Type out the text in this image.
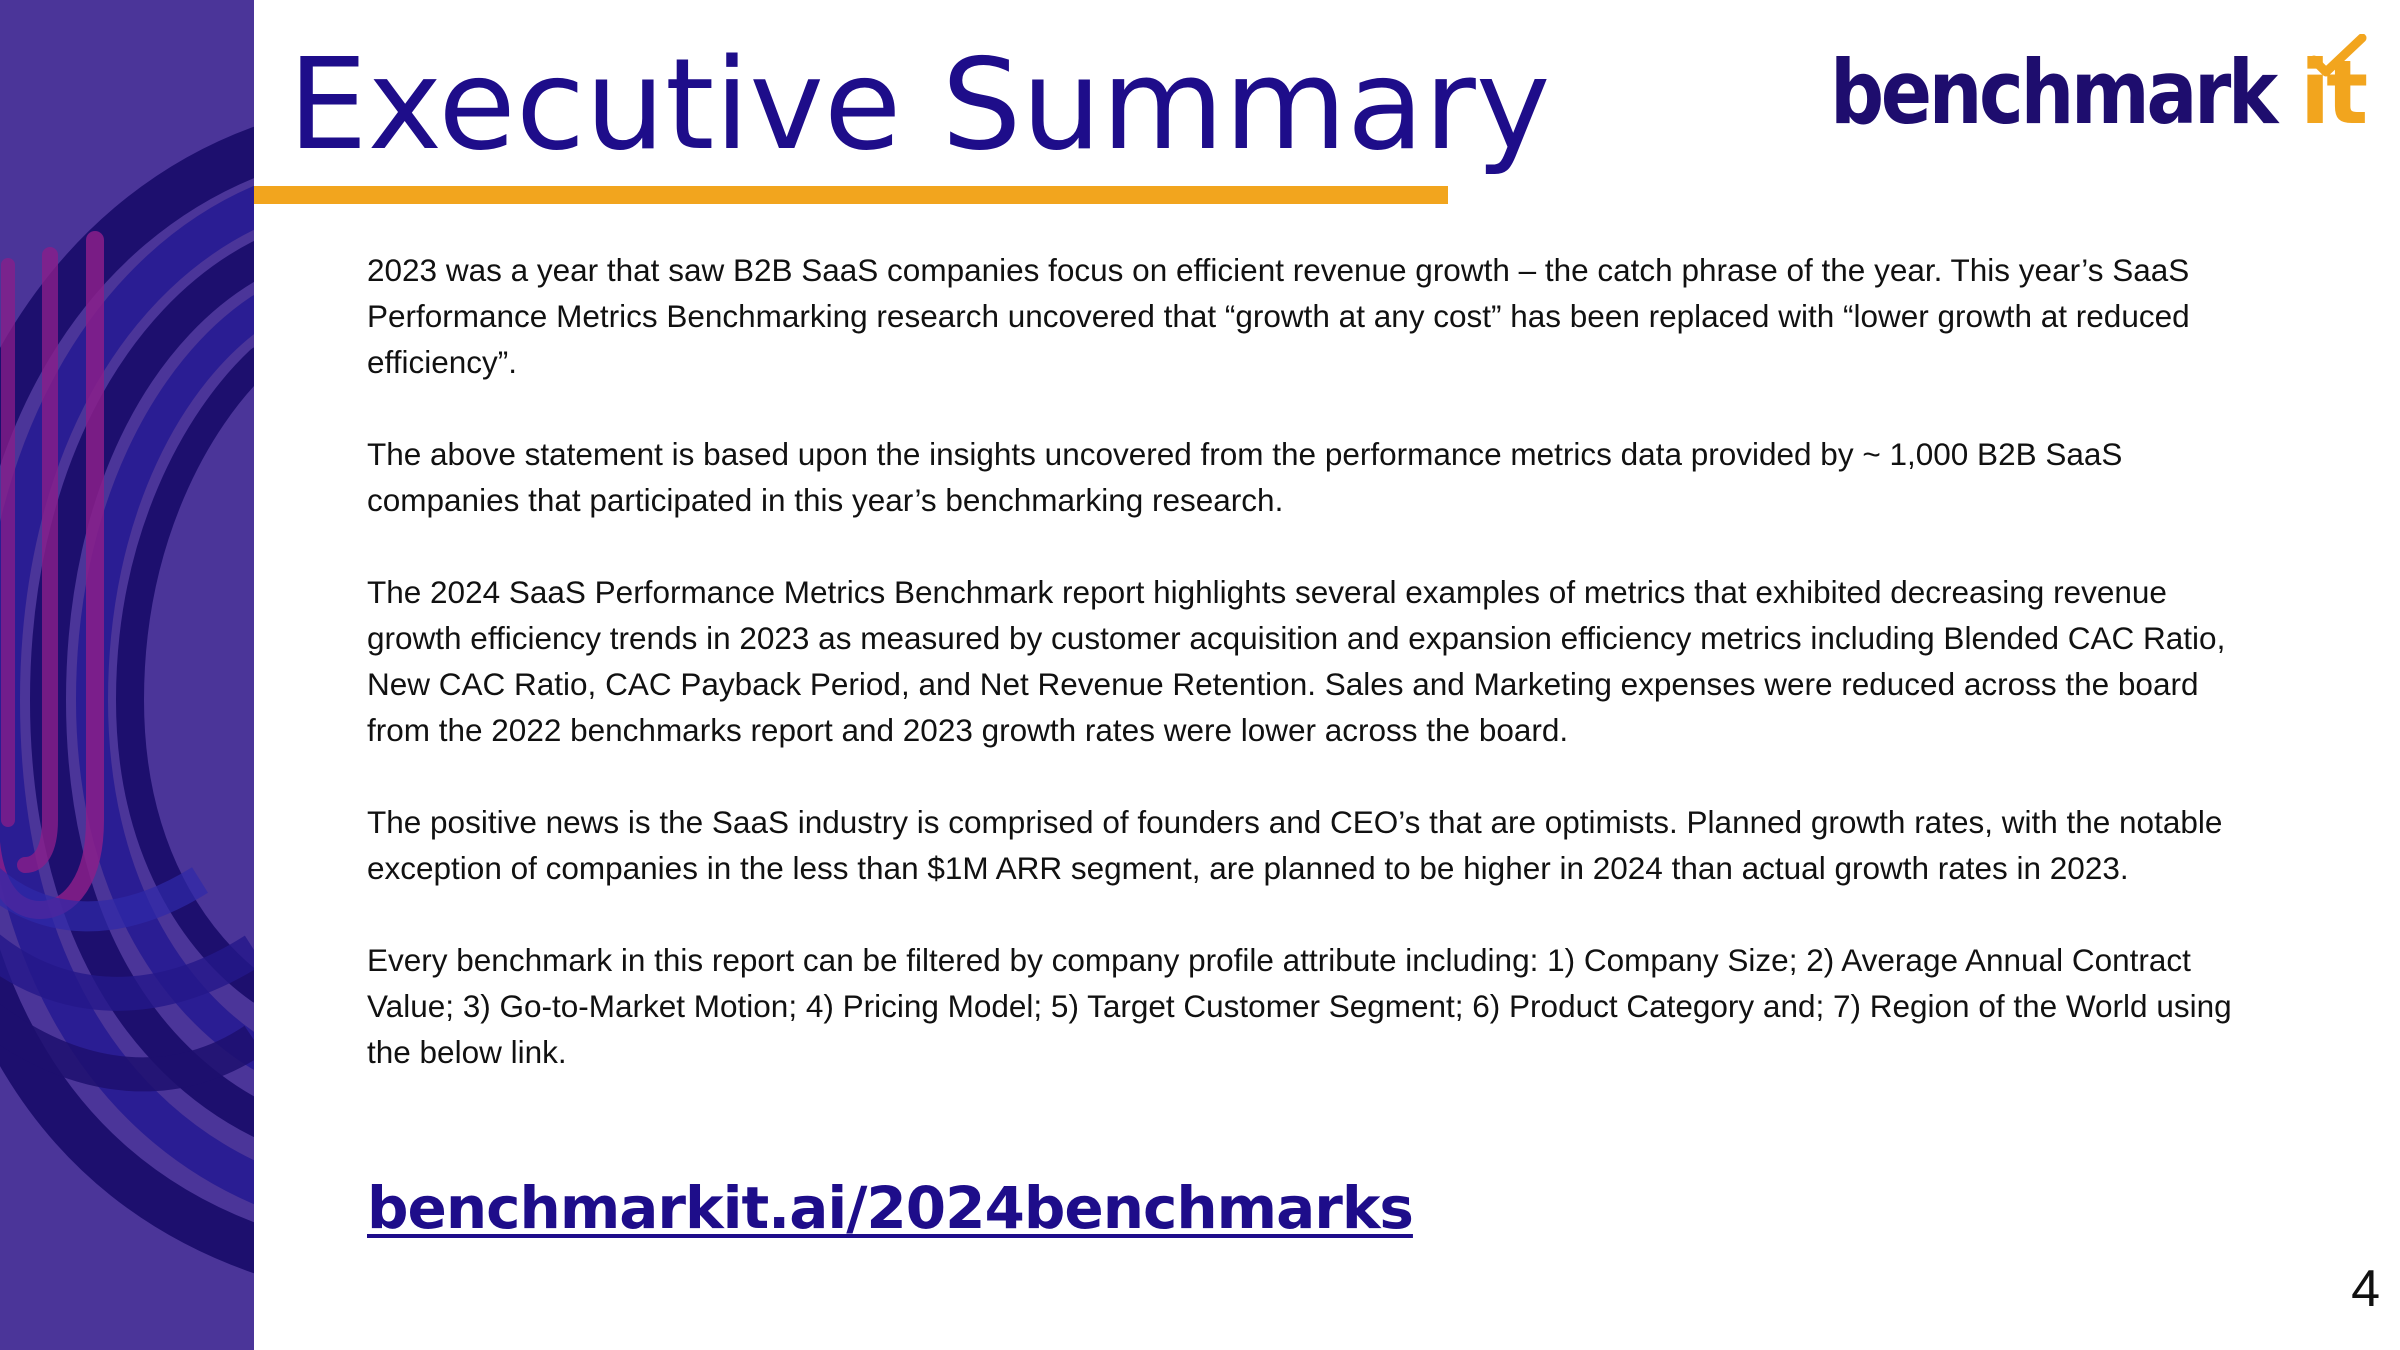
Executive Summary	benchmark it

2023 was a year that saw B2B SaaS companies focus on efficient revenue growth – the catch phrase of the year. This year’s SaaS Performance Metrics Benchmarking research uncovered that “growth at any cost” has been replaced with “lower growth at reduced efficiency”.

The above statement is based upon the insights uncovered from the performance metrics data provided by ~ 1,000 B2B SaaS companies that participated in this year’s benchmarking research.

The 2024 SaaS Performance Metrics Benchmark report highlights several examples of metrics that exhibited decreasing revenue growth efficiency trends in 2023 as measured by customer acquisition and expansion efficiency metrics including Blended CAC Ratio, New CAC Ratio, CAC Payback Period, and Net Revenue Retention. Sales and Marketing expenses were reduced across the board from the 2022 benchmarks report and 2023 growth rates were lower across the board.

The positive news is the SaaS industry is comprised of founders and CEO’s that are optimists. Planned growth rates, with the notable exception of companies in the less than $1M ARR segment, are planned to be higher in 2024 than actual growth rates in 2023.

Every benchmark in this report can be filtered by company profile attribute including: 1) Company Size; 2) Average Annual Contract Value; 3) Go-to-Market Motion; 4) Pricing Model; 5) Target Customer Segment; 6) Product Category and; 7) Region of the World using the below link.

benchmarkit.ai/2024benchmarks
4
